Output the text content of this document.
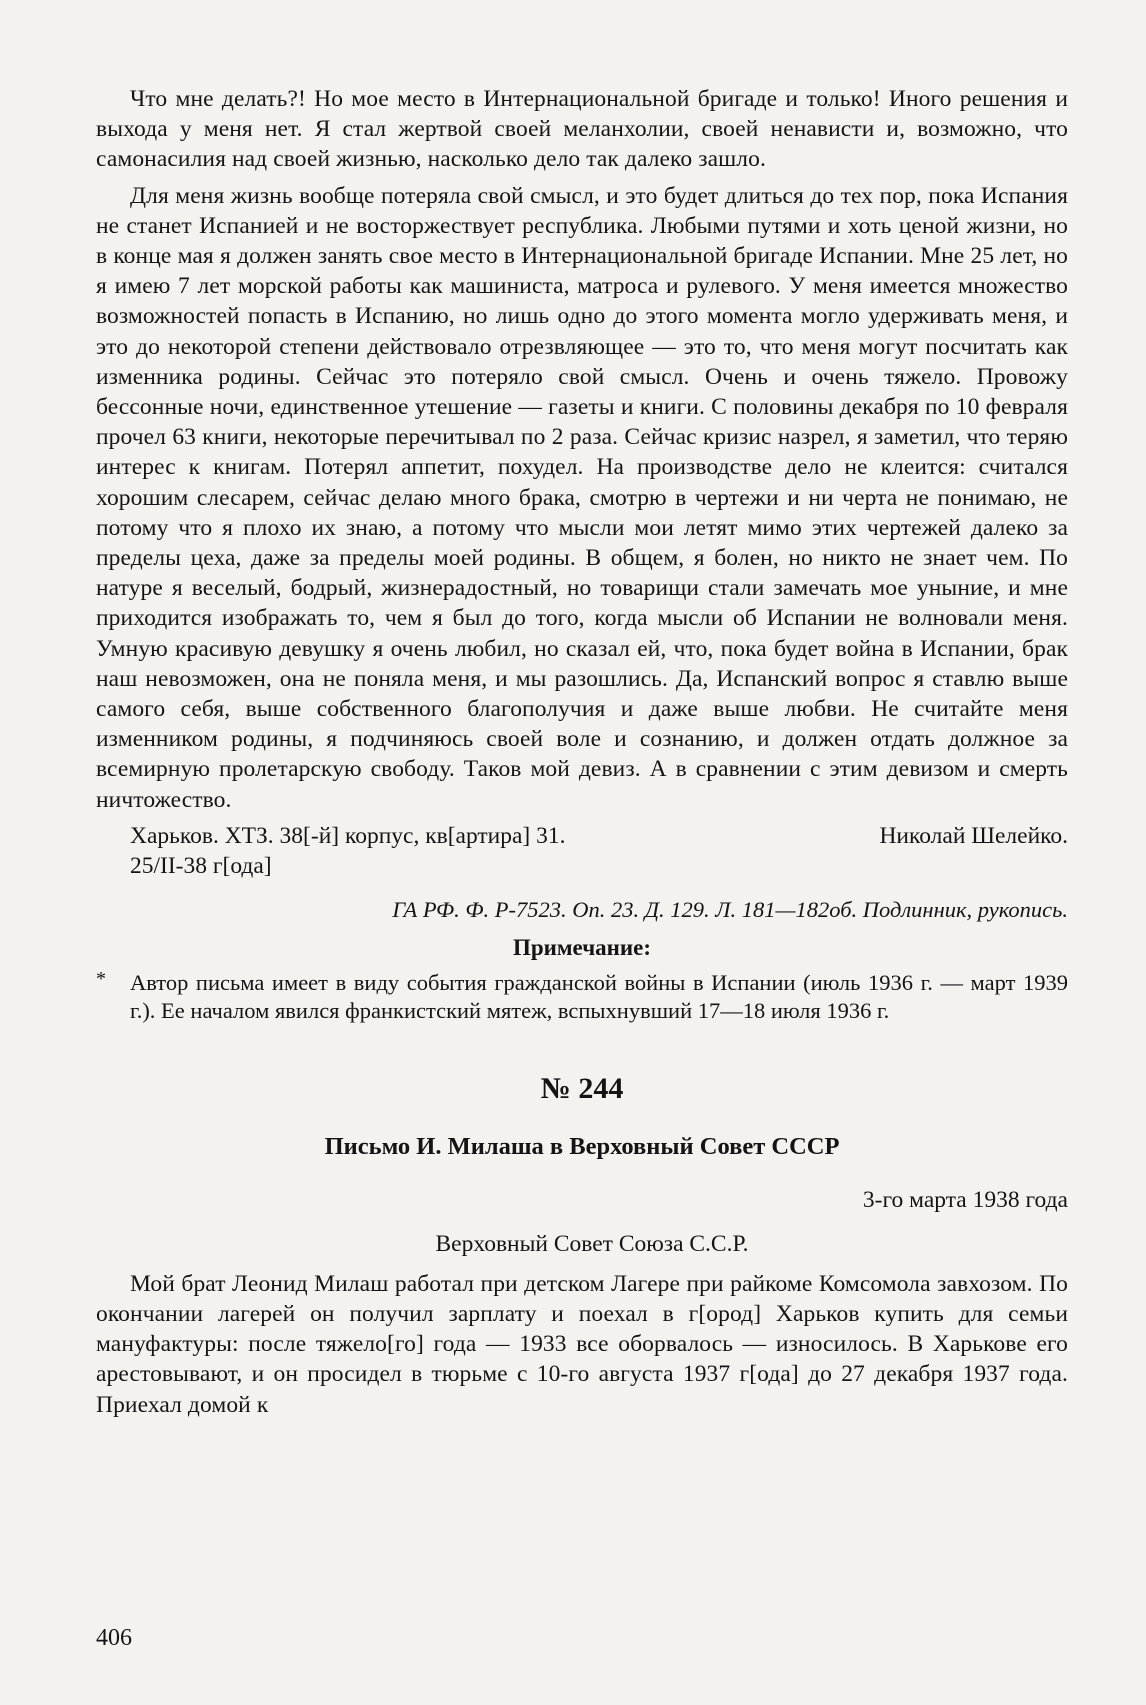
Что мне делать?! Но мое место в Интернациональной бригаде и только! Иного решения и выхода у меня нет. Я стал жертвой своей меланхолии, своей ненависти и, возможно, что самонасилия над своей жизнью, насколько дело так далеко зашло.

Для меня жизнь вообще потеряла свой смысл, и это будет длиться до тех пор, пока Испания не станет Испанией и не восторжествует республика. Любыми путями и хоть ценой жизни, но в конце мая я должен занять свое место в Интернациональной бригаде Испании. Мне 25 лет, но я имею 7 лет морской работы как машиниста, матроса и рулевого. У меня имеется множество возможностей попасть в Испанию, но лишь одно до этого момента могло удерживать меня, и это до некоторой степени действовало отрезвляющее — это то, что меня могут посчитать как изменника родины. Сейчас это потеряло свой смысл. Очень и очень тяжело. Провожу бессонные ночи, единственное утешение — газеты и книги. С половины декабря по 10 февраля прочел 63 книги, некоторые перечитывал по 2 раза. Сейчас кризис назрел, я заметил, что теряю интерес к книгам. Потерял аппетит, похудел. На производстве дело не клеится: считался хорошим слесарем, сейчас делаю много брака, смотрю в чертежи и ни черта не понимаю, не потому что я плохо их знаю, а потому что мысли мои летят мимо этих чертежей далеко за пределы цеха, даже за пределы моей родины. В общем, я болен, но никто не знает чем. По натуре я веселый, бодрый, жизнерадостный, но товарищи стали замечать мое уныние, и мне приходится изображать то, чем я был до того, когда мысли об Испании не волновали меня. Умную красивую девушку я очень любил, но сказал ей, что, пока будет война в Испании, брак наш невозможен, она не поняла меня, и мы разошлись. Да, Испанский вопрос я ставлю выше самого себя, выше собственного благополучия и даже выше любви. Не считайте меня изменником родины, я подчиняюсь своей воле и сознанию, и должен отдать должное за всемирную пролетарскую свободу. Таков мой девиз. А в сравнении с этим девизом и смерть ничтожество.

Харьков. ХТЗ. 38[-й] корпус, кв[артира] 31.	Николай Шелейко.
25/II-38 г[ода]
ГА РФ. Ф. Р-7523. Оп. 23. Д. 129. Л. 181—182об. Подлинник, рукопись.
Примечание:
* Автор письма имеет в виду события гражданской войны в Испании (июль 1936 г. — март 1939 г.). Ее началом явился франкистский мятеж, вспыхнувший 17—18 июля 1936 г.
№ 244
Письмо И. Милаша в Верховный Совет СССР
3-го марта 1938 года
Верховный Совет Союза С.С.Р.

Мой брат Леонид Милаш работал при детском Лагере при райкоме Комсомола завхозом. По окончании лагерей он получил зарплату и поехал в г[ород] Харьков купить для семьи мануфактуры: после тяжело[го] года — 1933 все оборвалось — износилось. В Харькове его арестовывают, и он просидел в тюрьме с 10-го августа 1937 г[ода] до 27 декабря 1937 года. Приехал домой к

406
